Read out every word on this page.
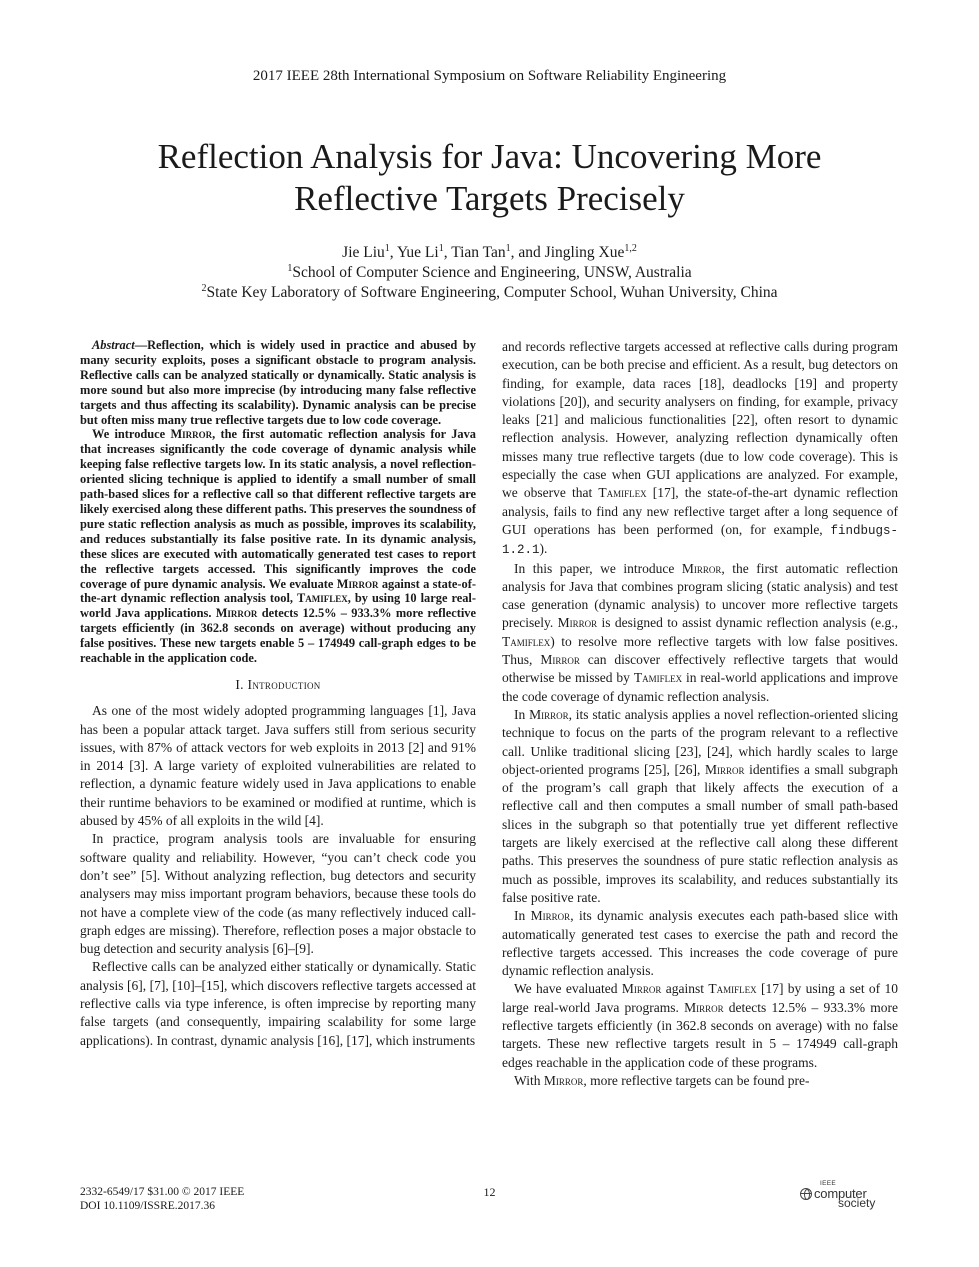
2017 IEEE 28th International Symposium on Software Reliability Engineering
Reflection Analysis for Java: Uncovering More
Reflective Targets Precisely
Jie Liu$^1$, Yue Li$^1$, Tian Tan$^1$, and Jingling Xue$^{1,2}$
$^1$School of Computer Science and Engineering, UNSW, Australia
$^2$State Key Laboratory of Software Engineering, Computer School, Wuhan University, China

Abstract—Reflection, which is widely used in practice and abused by many security exploits, poses a significant obstacle to program analysis. Reflective calls can be analyzed statically or dynamically. Static analysis is more sound but also more imprecise (by introducing many false reflective targets and thus affecting its scalability). Dynamic analysis can be precise but often miss many true reflective targets due to low code coverage.

We introduce Mirror, the first automatic reflection analysis for Java that increases significantly the code coverage of dynamic analysis while keeping false reflective targets low. In its static analysis, a novel reflection-oriented slicing technique is applied to identify a small number of small path-based slices for a reflective call so that different reflective targets are likely exercised along these different paths. This preserves the soundness of pure static reflection analysis as much as possible, improves its scalability, and reduces substantially its false positive rate. In its dynamic analysis, these slices are executed with automatically generated test cases to report the reflective targets accessed. This significantly improves the code coverage of pure dynamic analysis. We evaluate Mirror against a state-of-the-art dynamic reflection analysis tool, Tamiflex, by using 10 large real-world Java applications. Mirror detects 12.5% – 933.3% more reflective targets efficiently (in 362.8 seconds on average) without producing any false positives. These new targets enable 5 – 174949 call-graph edges to be reachable in the application code.

I. Introduction

As one of the most widely adopted programming languages [1], Java has been a popular attack target. Java suffers still from serious security issues, with 87% of attack vectors for web exploits in 2013 [2] and 91% in 2014 [3]. A large variety of exploited vulnerabilities are related to reflection, a dynamic feature widely used in Java applications to enable their runtime behaviors to be examined or modified at runtime, which is abused by 45% of all exploits in the wild [4].

In practice, program analysis tools are invaluable for ensuring software quality and reliability. However, “you can’t check code you don’t see” [5]. Without analyzing reflection, bug detectors and security analysers may miss important program behaviors, because these tools do not have a complete view of the code (as many reflectively induced call-graph edges are missing). Therefore, reflection poses a major obstacle to bug detection and security analysis [6]–[9].

Reflective calls can be analyzed either statically or dynamically. Static analysis [6], [7], [10]–[15], which discovers reflective targets accessed at reflective calls via type inference, is often imprecise by reporting many false targets (and consequently, impairing scalability for some large applications). In contrast, dynamic analysis [16], [17], which instruments

and records reflective targets accessed at reflective calls during program execution, can be both precise and efficient. As a result, bug detectors on finding, for example, data races [18], deadlocks [19] and property violations [20]), and security analysers on finding, for example, privacy leaks [21] and malicious functionalities [22], often resort to dynamic reflection analysis. However, analyzing reflection dynamically often misses many true reflective targets (due to low code coverage). This is especially the case when GUI applications are analyzed. For example, we observe that Tamiflex [17], the state-of-the-art dynamic reflection analysis, fails to find any new reflective target after a long sequence of GUI operations has been performed (on, for example, findbugs-1.2.1).

In this paper, we introduce Mirror, the first automatic reflection analysis for Java that combines program slicing (static analysis) and test case generation (dynamic analysis) to uncover more reflective targets precisely. Mirror is designed to assist dynamic reflection analysis (e.g., Tamiflex) to resolve more reflective targets with low false positives. Thus, Mirror can discover effectively reflective targets that would otherwise be missed by Tamiflex in real-world applications and improve the code coverage of dynamic reflection analysis.

In Mirror, its static analysis applies a novel reflection-oriented slicing technique to focus on the parts of the program relevant to a reflective call. Unlike traditional slicing [23], [24], which hardly scales to large object-oriented programs [25], [26], Mirror identifies a small subgraph of the program’s call graph that likely affects the execution of a reflective call and then computes a small number of small path-based slices in the subgraph so that potentially true yet different reflective targets are likely exercised at the reflective call along these different paths. This preserves the soundness of pure static reflection analysis as much as possible, improves its scalability, and reduces substantially its false positive rate.

In Mirror, its dynamic analysis executes each path-based slice with automatically generated test cases to exercise the path and record the reflective targets accessed. This increases the code coverage of pure dynamic reflection analysis.

We have evaluated Mirror against Tamiflex [17] by using a set of 10 large real-world Java programs. Mirror detects 12.5% – 933.3% more reflective targets efficiently (in 362.8 seconds on average) with no false targets. These new reflective targets result in 5 – 174949 call-graph edges reachable in the application code of these programs.

With Mirror, more reflective targets can be found pre-

2332-6549/17 $31.00 © 2017 IEEE
DOI 10.1109/ISSRE.2017.36
12
IEEE
computer
society
